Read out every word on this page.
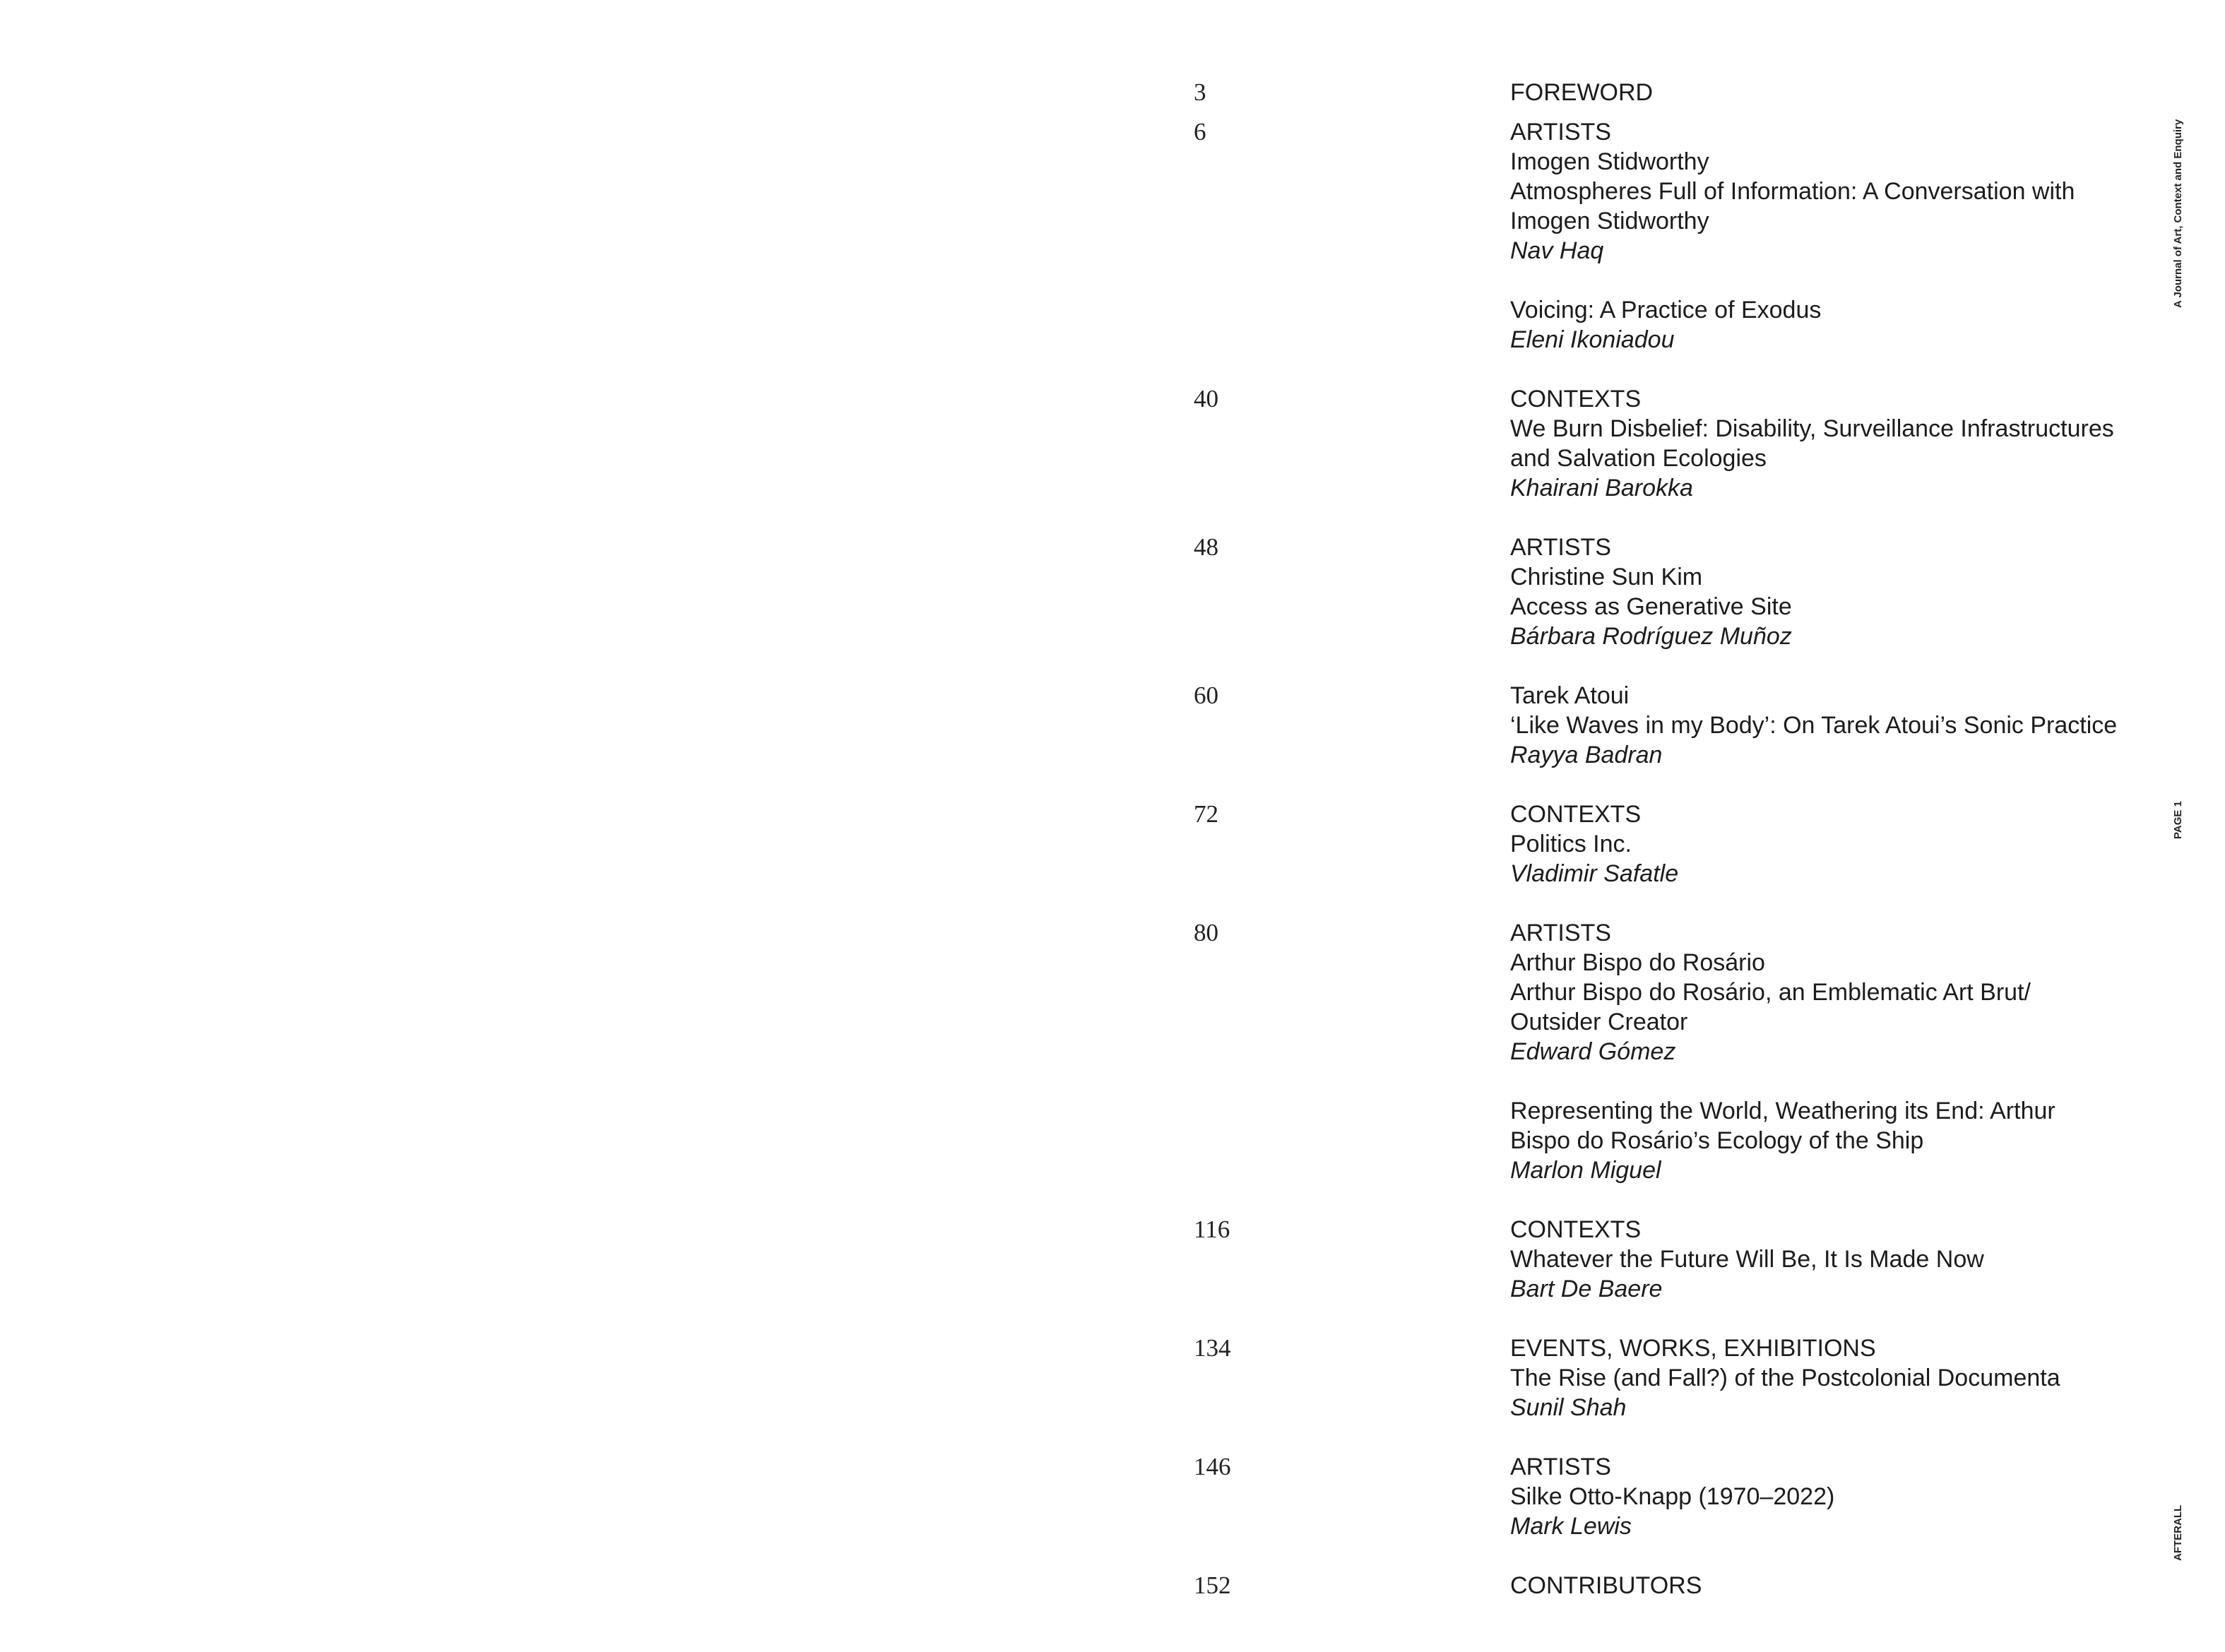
3	FOREWORD
6	ARTISTS
Imogen Stidworthy
Atmospheres Full of Information: A Conversation with
Imogen Stidworthy
Nav Haq
Voicing: A Practice of Exodus
Eleni Ikoniadou
40	CONTEXTS
We Burn Disbelief: Disability, Surveillance Infrastructures
and Salvation Ecologies
Khairani Barokka
48	ARTISTS
Christine Sun Kim
Access as Generative Site
Bárbara Rodríguez Muñoz
60	Tarek Atoui
‘Like Waves in my Body’: On Tarek Atoui’s Sonic Practice
Rayya Badran
72	CONTEXTS
Politics Inc.
Vladimir Safatle
80	ARTISTS
Arthur Bispo do Rosário
Arthur Bispo do Rosário, an Emblematic Art Brut/
Outsider Creator
Edward Gómez
Representing the World, Weathering its End: Arthur
Bispo do Rosário’s Ecology of the Ship
Marlon Miguel
116	CONTEXTS
Whatever the Future Will Be, It Is Made Now
Bart De Baere
134	EVENTS, WORKS, EXHIBITIONS
The Rise (and Fall?) of the Postcolonial Documenta
Sunil Shah
146	ARTISTS
Silke Otto-Knapp (1970–2022)
Mark Lewis
152	CONTRIBUTORS
A Journal of Art, Context and Enquiry
PAGE 1
AFTERALL
